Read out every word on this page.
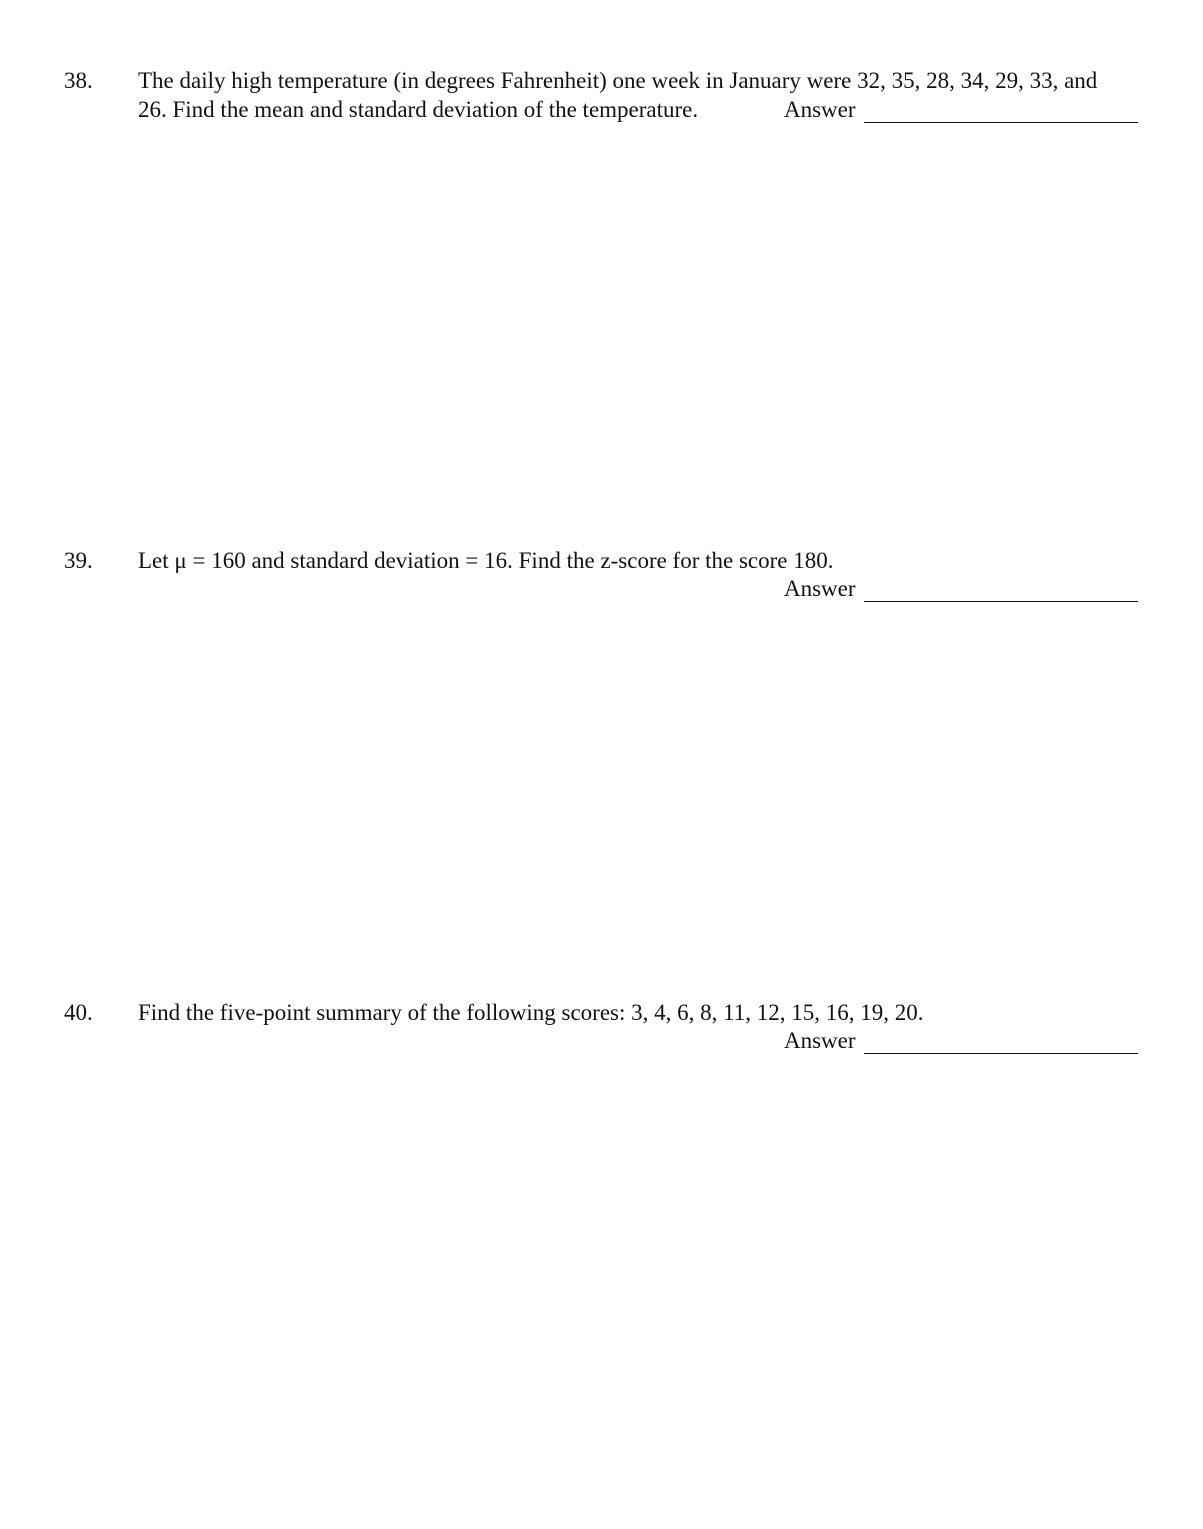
38. The daily high temperature (in degrees Fahrenheit) one week in January were 32, 35, 28, 34, 29, 33, and
26. Find the mean and standard deviation of the temperature.	Answer
39. Let μ = 160 and standard deviation = 16. Find the z-score for the score 180.
Answer
40. Find the five-point summary of the following scores: 3, 4, 6, 8, 11, 12, 15, 16, 19, 20.
Answer
